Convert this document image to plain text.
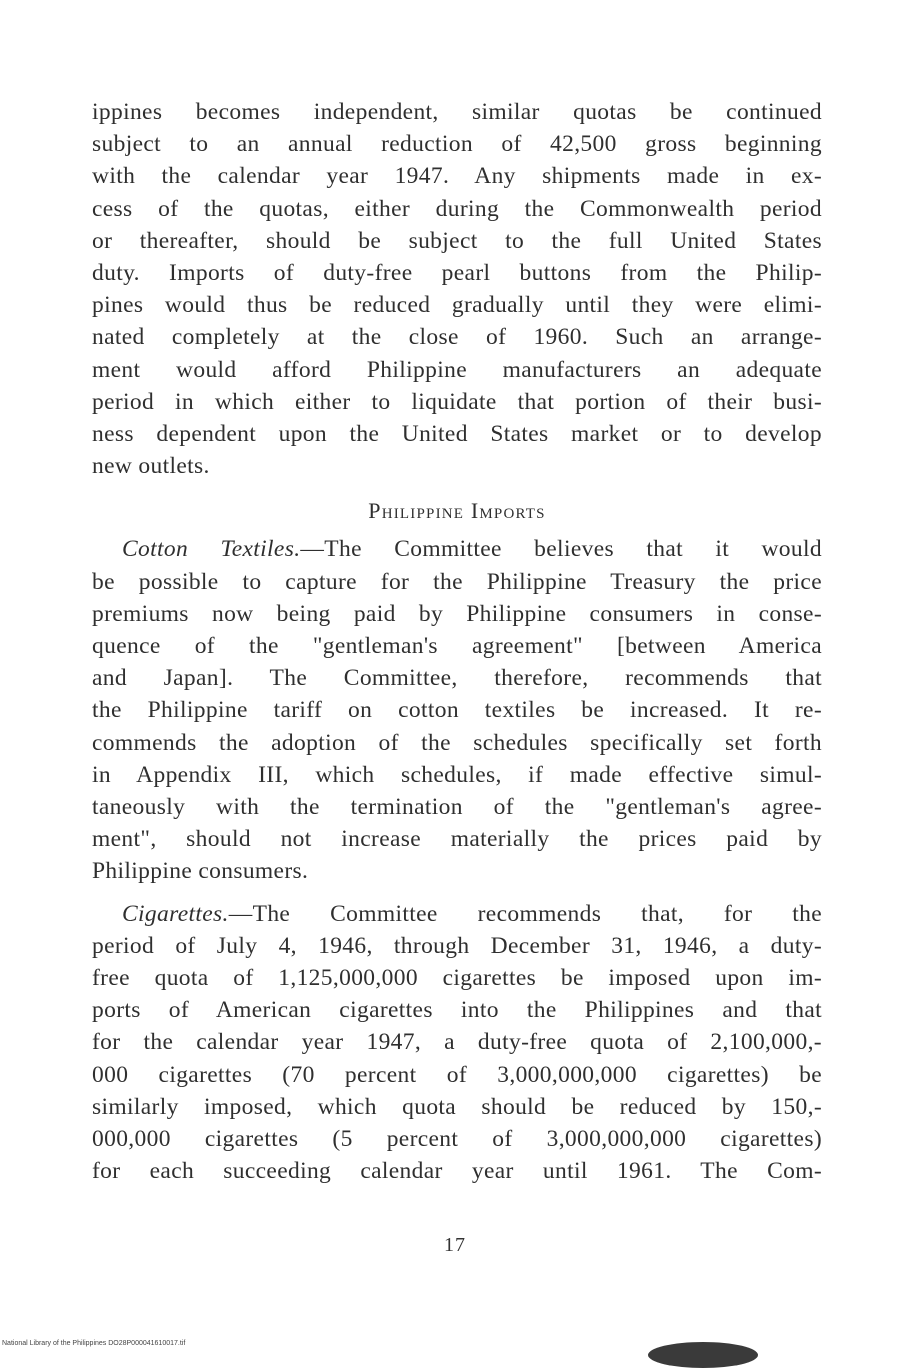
ippines becomes independent, similar quotas be continued
subject to an annual reduction of 42,500 gross beginning
with the calendar year 1947. Any shipments made in ex-
cess of the quotas, either during the Commonwealth period
or thereafter, should be subject to the full United States
duty. Imports of duty-free pearl buttons from the Philip-
pines would thus be reduced gradually until they were elimi-
nated completely at the close of 1960. Such an arrange-
ment would afford Philippine manufacturers an adequate
period in which either to liquidate that portion of their busi-
ness dependent upon the United States market or to develop
new outlets.

Philippine Imports

Cotton Textiles.—The Committee believes that it would
be possible to capture for the Philippine Treasury the price
premiums now being paid by Philippine consumers in conse-
quence of the "gentleman's agreement" [between America
and Japan]. The Committee, therefore, recommends that
the Philippine tariff on cotton textiles be increased. It re-
commends the adoption of the schedules specifically set forth
in Appendix III, which schedules, if made effective simul-
taneously with the termination of the "gentleman's agree-
ment", should not increase materially the prices paid by
Philippine consumers.

Cigarettes.—The Committee recommends that, for the
period of July 4, 1946, through December 31, 1946, a duty-
free quota of 1,125,000,000 cigarettes be imposed upon im-
ports of American cigarettes into the Philippines and that
for the calendar year 1947, a duty-free quota of 2,100,000,-
000 cigarettes (70 percent of 3,000,000,000 cigarettes) be
similarly imposed, which quota should be reduced by 150,-
000,000 cigarettes (5 percent of 3,000,000,000 cigarettes)
for each succeeding calendar year until 1961. The Com-

17
National Library of the Philippines DO28P000041610017.tif
